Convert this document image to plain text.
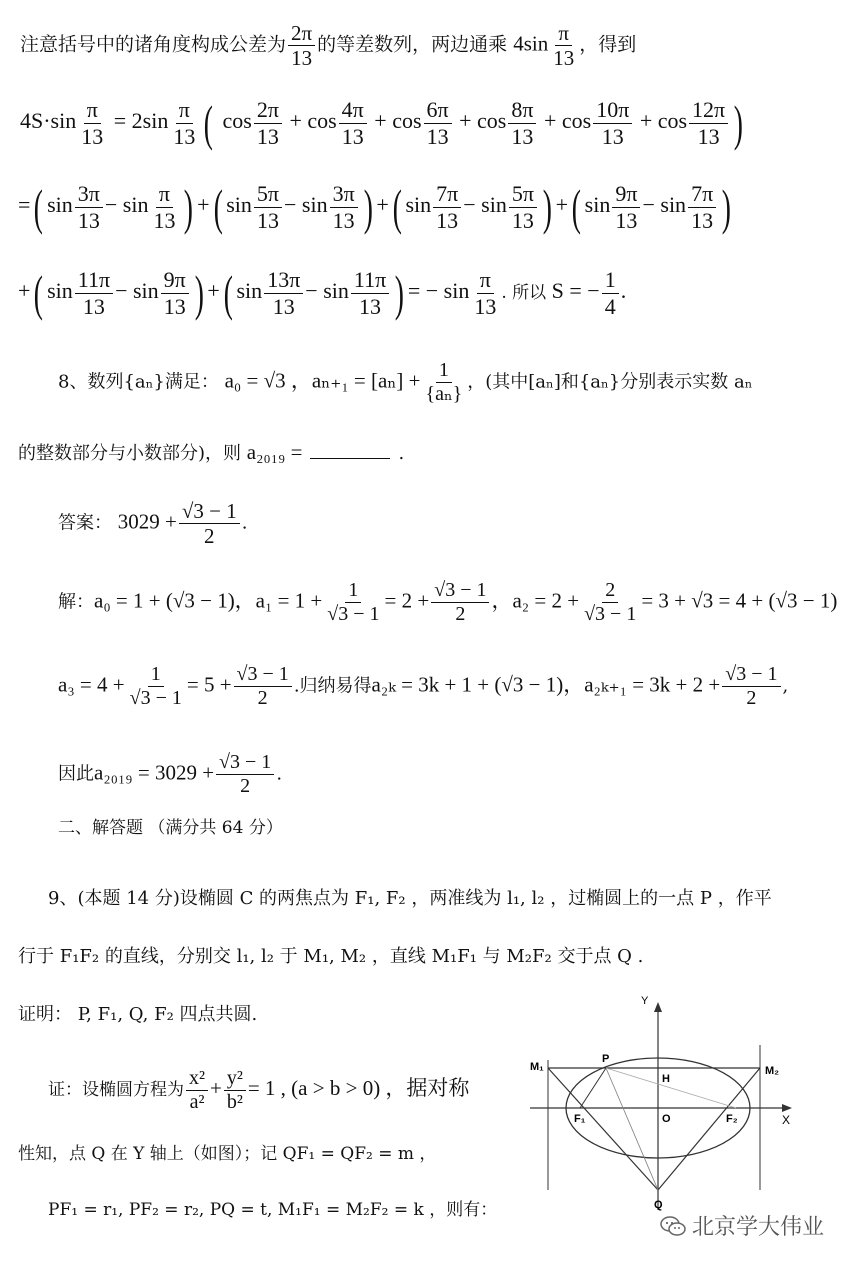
注意括号中的诸角度构成公差为 $\frac{2\pi}{13}$ 的等差数列，两边通乘 $4\sin \frac{\pi}{13}$ ，得到
$4S\cdot\sin \frac{\pi}{13} = 2\sin \frac{\pi}{13}$ ( $\cos \frac{2\pi}{13} + \cos \frac{4\pi}{13} + \cos \frac{6\pi}{13} + \cos \frac{8\pi}{13} + \cos \frac{10\pi}{13} + \cos \frac{12\pi}{13}$ )
=( $\sin \frac{3\pi}{13} - \sin \frac{\pi}{13}$ ) +( $\sin \frac{5\pi}{13} - \sin \frac{3\pi}{13}$ ) +( $\sin \frac{7\pi}{13} - \sin \frac{5\pi}{13}$ ) +( $\sin \frac{9\pi}{13} - \sin \frac{7\pi}{13}$ )
+( $\sin \frac{11\pi}{13} - \sin \frac{9\pi}{13}$ ) +( $\sin \frac{13\pi}{13} - \sin \frac{11\pi}{13}$ ) = − $\sin \frac{\pi}{13}$ . 所以 S = − $\frac{1}{4}$ .
8、数列{aₙ}满足： a₀ = √3 ，$a_{n+1} = [a_n] + \frac{1}{\text{\{aₙ\}}}$ ，(其中[aₙ]和{aₙ}分别表示实数 aₙ
的整数部分与小数部分)，则 a₂₀₁₉ =	.
答案： $3029 + \frac{√3 - 1}{2}$ .
解：a₀ = 1 + (√3 − 1)，$a_1 = 1 + \frac{1}{√3 - 1} = 2 + \frac{√3 - 1}{2}$ ，$a_2 = 2 + \frac{2}{√3 - 1} = 3 + √3 = 4 + (√3 - 1)$
$a_3 = 4 + \frac{1}{√3 - 1} = 5 + \frac{√3 - 1}{2}$ .归纳易得a₂ₖ = 3k + 1 + (√3 − 1)，$a_{2k+1} = 3k + 2 + \frac{√3 - 1}{2}$ ,
因此$a_{2019} = 3029 + \frac{√3 - 1}{2}$ .
二、解答题 （满分共 64 分）
9、(本题 14 分)设椭圆 C 的两焦点为 F₁, F₂ ，两准线为 l₁, l₂ ，过椭圆上的一点 P ，作平
行于 F₁F₂ 的直线，分别交 l₁, l₂ 于 M₁, M₂ ，直线 M₁F₁ 与 M₂F₂ 交于点 Q .
证明： P, F₁, Q, F₂ 四点共圆.
证：设椭圆方程为 $\frac{\text{x²}}{\text{a²}} + \frac{\text{y²}}{\text{b²}} = 1$ , (a > b > 0) ，据对称
性知，点 Q 在 Y 轴上（如图）；记 QF₁ = QF₂ = m ，
PF₁ = r₁, PF₂ = r₂, PQ = t, M₁F₁ = M₂F₂ = k ，则有：
Y
X
M₁	M₂
P
H
F₁	O	F₂
Q
北京学大伟业
